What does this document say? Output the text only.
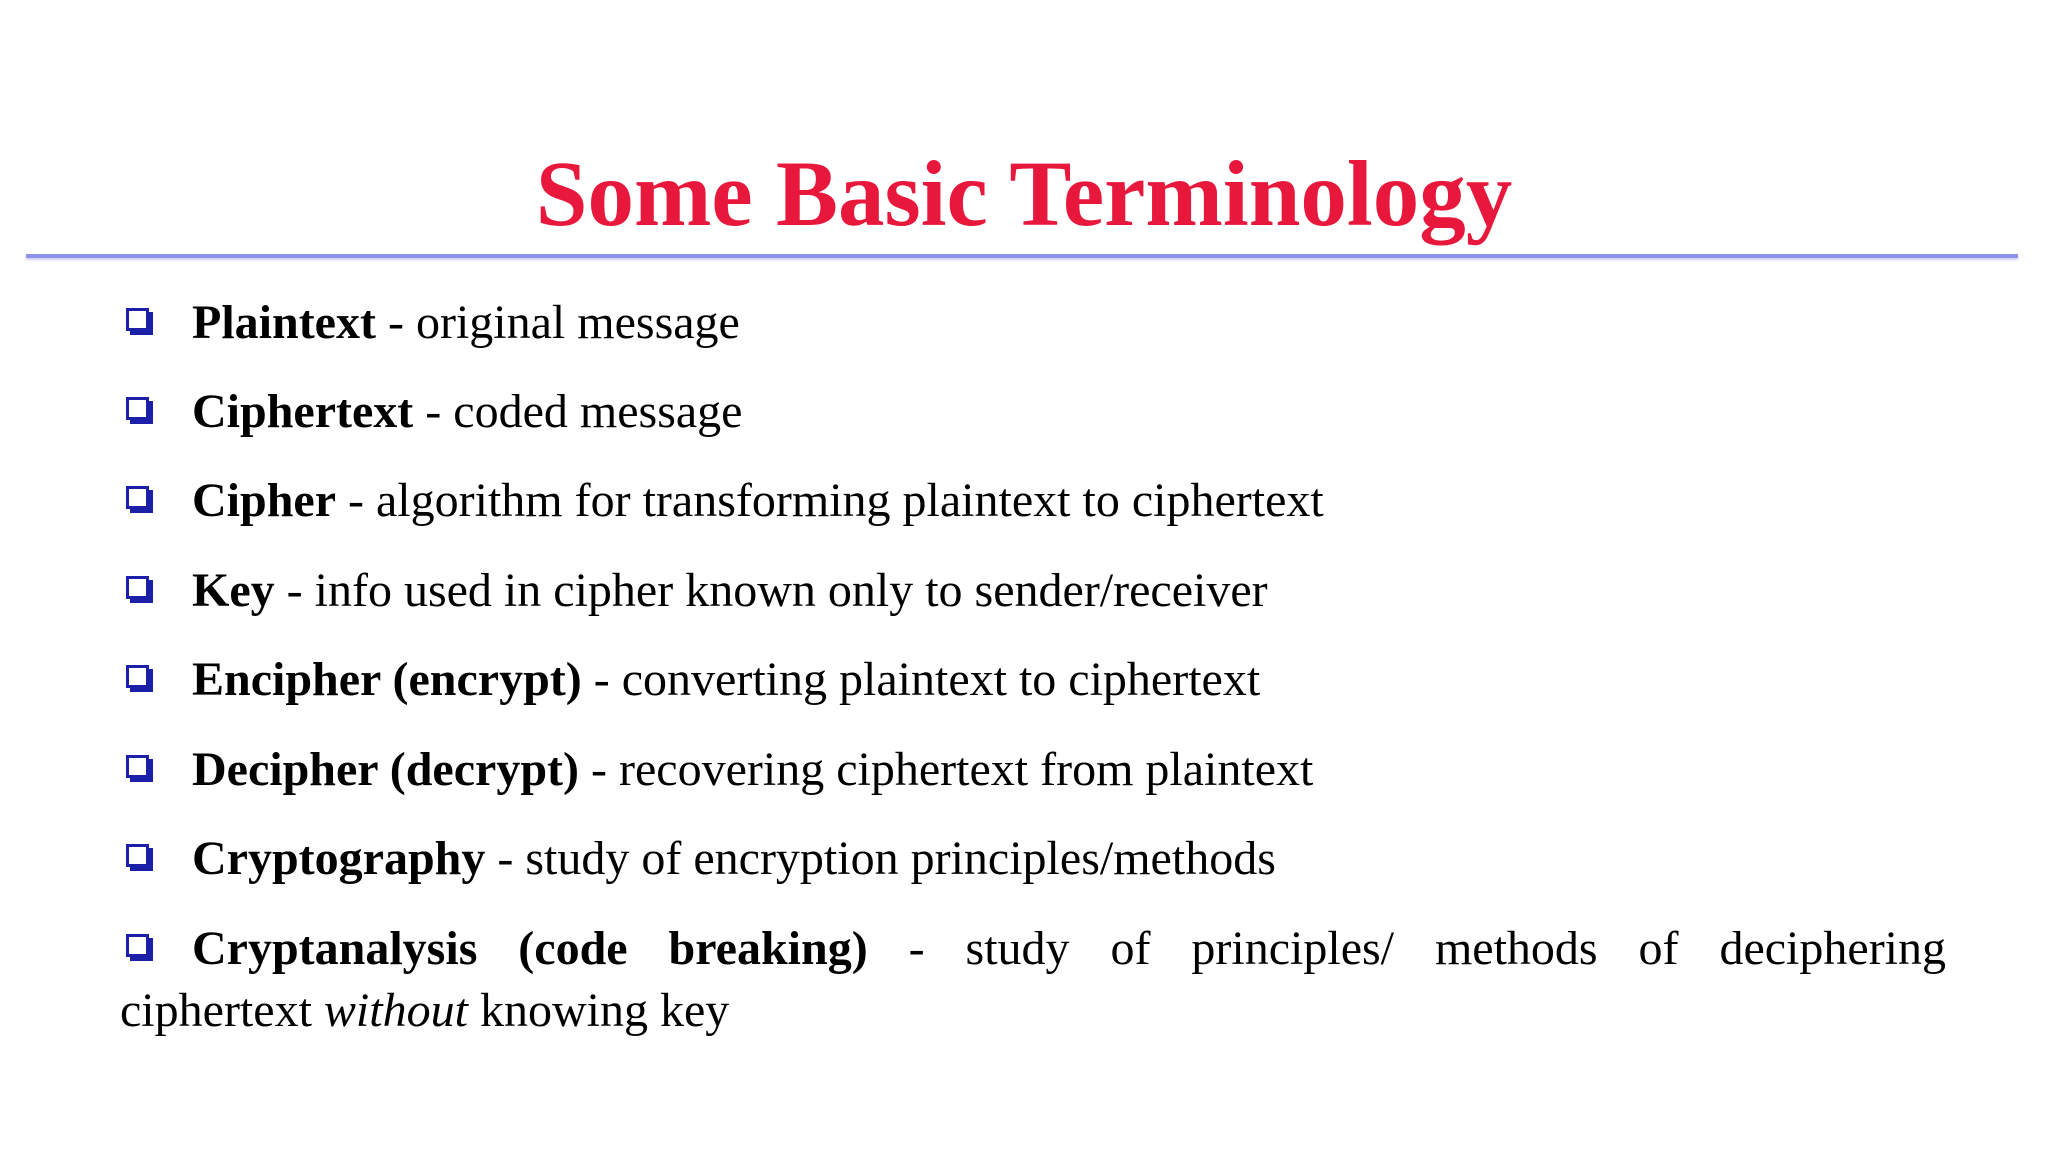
Some Basic Terminology
Plaintext - original message
Ciphertext - coded message
Cipher - algorithm for transforming plaintext to ciphertext
Key - info used in cipher known only to sender/receiver
Encipher (encrypt) - converting plaintext to ciphertext
Decipher (decrypt) - recovering ciphertext from plaintext
Cryptography - study of encryption principles/methods
Cryptanalysis (code breaking) - study of principles/ methods of deciphering
ciphertext without knowing key
